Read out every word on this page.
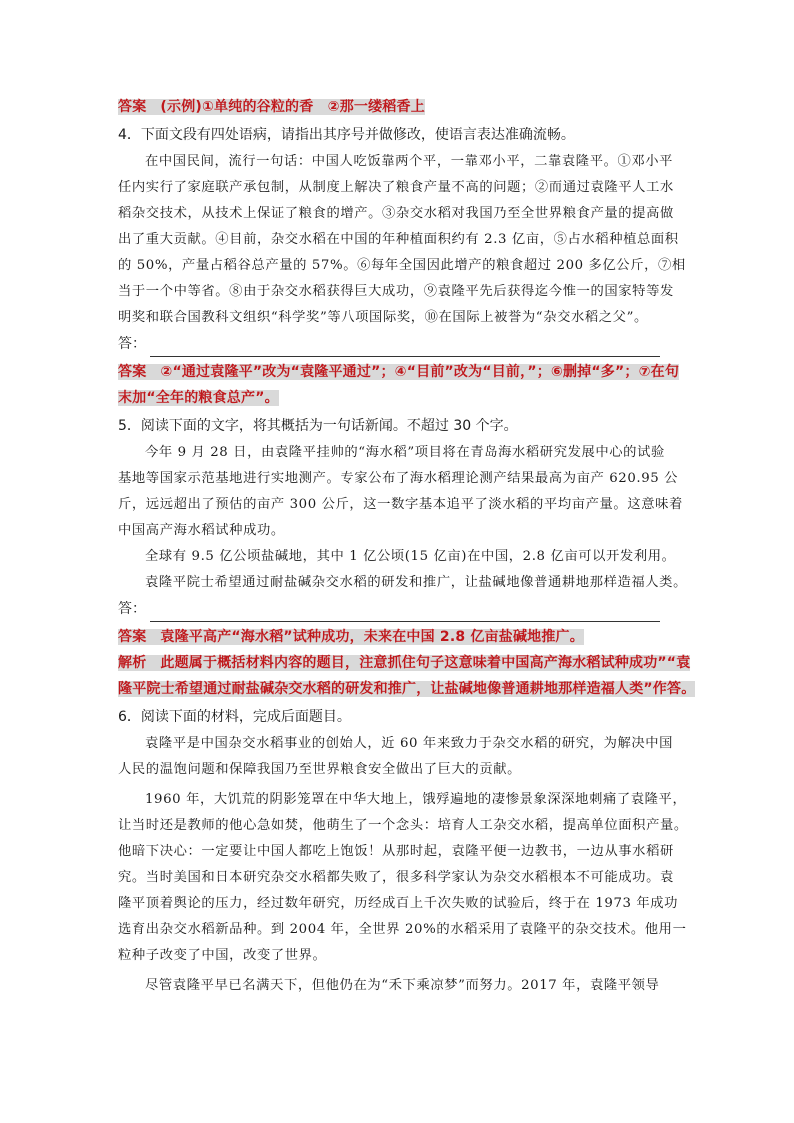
答案 (示例)①单纯的谷粒的香　②那一缕稻香上
4．下面文段有四处语病，请指出其序号并做修改，使语言表达准确流畅。
在中国民间，流行一句话：中国人吃饭靠两个平，一靠邓小平，二靠袁隆平。①邓小平
任内实行了家庭联产承包制，从制度上解决了粮食产量不高的问题；②而通过袁隆平人工水
稻杂交技术，从技术上保证了粮食的增产。③杂交水稻对我国乃至全世界粮食产量的提高做
出了重大贡献。④目前，杂交水稻在中国的年种植面积约有 2.3 亿亩，⑤占水稻种植总面积
的 50%，产量占稻谷总产量的 57%。⑥每年全国因此增产的粮食超过 200 多亿公斤，⑦相
当于一个中等省。⑧由于杂交水稻获得巨大成功，⑨袁隆平先后获得迄今惟一的国家特等发
明奖和联合国教科文组织“科学奖”等八项国际奖，⑩在国际上被誉为“杂交水稻之父”。
答：
答案 ②“通过袁隆平”改为“袁隆平通过”；④“目前”改为“目前，”；⑥删掉“多”；⑦在句
末加“全年的粮食总产”。
5．阅读下面的文字，将其概括为一句话新闻。不超过 30 个字。
今年 9 月 28 日，由袁隆平挂帅的“海水稻”项目将在青岛海水稻研究发展中心的试验
基地等国家示范基地进行实地测产。专家公布了海水稻理论测产结果最高为亩产 620.95 公
斤，远远超出了预估的亩产 300 公斤，这一数字基本追平了淡水稻的平均亩产量。这意味着
中国高产海水稻试种成功。
全球有 9.5 亿公顷盐碱地，其中 1 亿公顷(15 亿亩)在中国，2.8 亿亩可以开发利用。
袁隆平院士希望通过耐盐碱杂交水稻的研发和推广，让盐碱地像普通耕地那样造福人类。
答：
答案 袁隆平高产“海水稻”试种成功，未来在中国 2.8 亿亩盐碱地推广。
解析 此题属于概括材料内容的题目，注意抓住句子这意味着中国高产海水稻试种成功”“袁
隆平院士希望通过耐盐碱杂交水稻的研发和推广，让盐碱地像普通耕地那样造福人类”作答。
6．阅读下面的材料，完成后面题目。
袁隆平是中国杂交水稻事业的创始人，近 60 年来致力于杂交水稻的研究，为解决中国
人民的温饱问题和保障我国乃至世界粮食安全做出了巨大的贡献。
1960 年，大饥荒的阴影笼罩在中华大地上，饿殍遍地的凄惨景象深深地刺痛了袁隆平，
让当时还是教师的他心急如焚，他萌生了一个念头：培育人工杂交水稻，提高单位面积产量。
他暗下决心：一定要让中国人都吃上饱饭！从那时起，袁隆平便一边教书，一边从事水稻研
究。当时美国和日本研究杂交水稻都失败了，很多科学家认为杂交水稻根本不可能成功。袁
隆平顶着舆论的压力，经过数年研究，历经成百上千次失败的试验后，终于在 1973 年成功
选育出杂交水稻新品种。到 2004 年，全世界 20%的水稻采用了袁隆平的杂交技术。他用一
粒种子改变了中国，改变了世界。
尽管袁隆平早已名满天下，但他仍在为“禾下乘凉梦”而努力。2017 年，袁隆平领导
